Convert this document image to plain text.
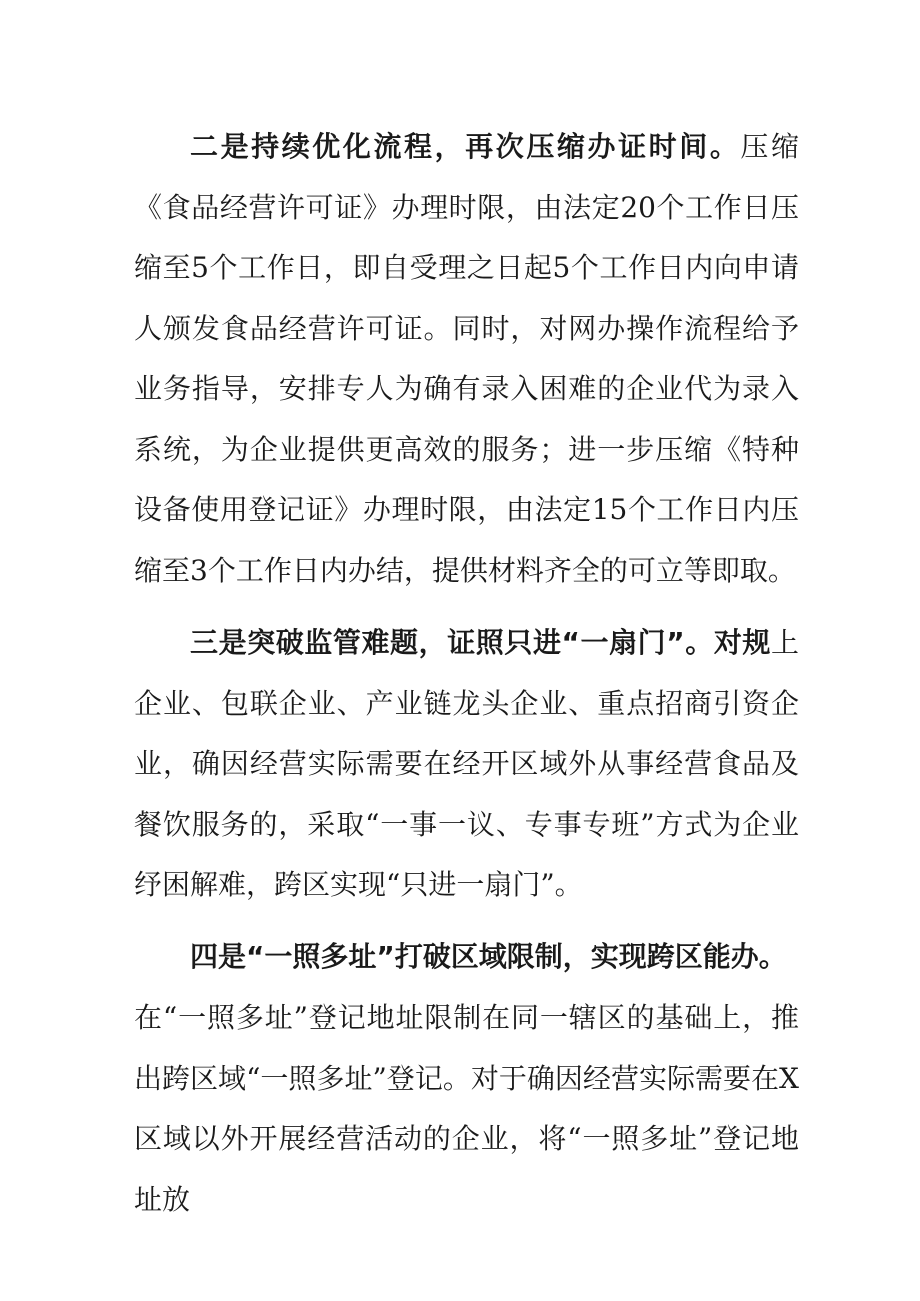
二是持续优化流程，再次压缩办证时间。压缩《食品经营许可证》办理时限，由法定20个工作日压缩至5个工作日，即自受理之日起5个工作日内向申请人颁发食品经营许可证。同时，对网办操作流程给予业务指导，安排专人为确有录入困难的企业代为录入系统，为企业提供更高效的服务；进一步压缩《特种设备使用登记证》办理时限，由法定15个工作日内压缩至3个工作日内办结，提供材料齐全的可立等即取。

三是突破监管难题，证照只进“一扇门”。对规上企业、包联企业、产业链龙头企业、重点招商引资企业，确因经营实际需要在经开区域外从事经营食品及餐饮服务的，采取“一事一议、专事专班”方式为企业纾困解难，跨区实现“只进一扇门”。

四是“一照多址”打破区域限制，实现跨区能办。

在“一照多址”登记地址限制在同一辖区的基础上，推出跨区域“一照多址”登记。对于确因经营实际需要在X区域以外开展经营活动的企业，将“一照多址”登记地址放
